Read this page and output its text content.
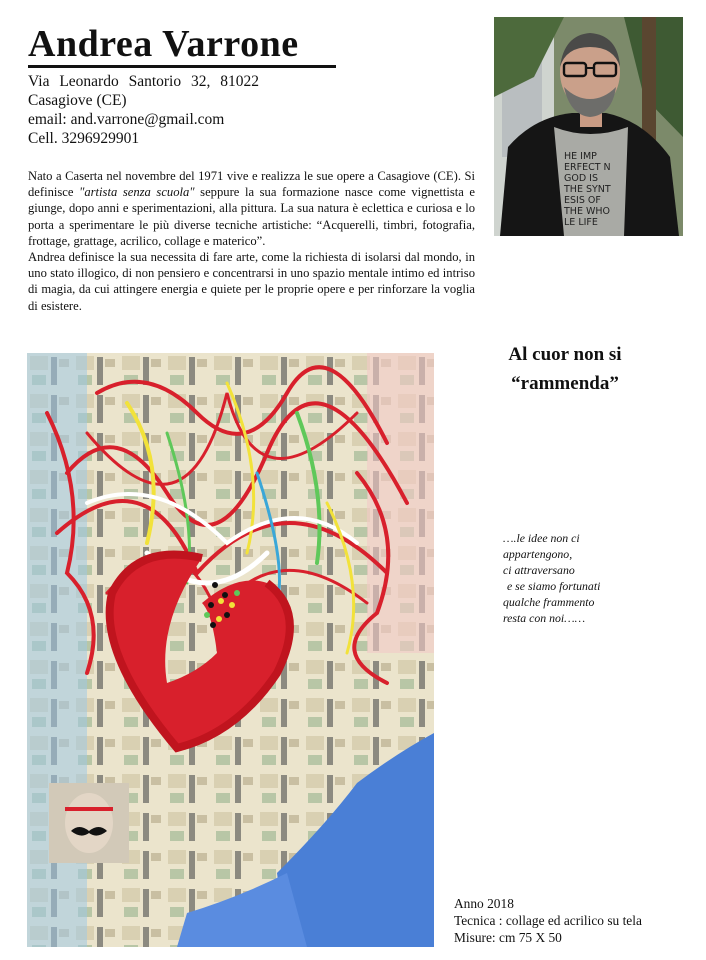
Andrea Varrone
Via Leonardo Santorio 32, 81022
Casagiove (CE)
email: and.varrone@gmail.com
Cell. 3296929901
HE IMP
ERFECT N
GOD IS
THE SYNT
ESIS OF
THE WHO
LE LIFE

Nato a Caserta nel novembre del 1971 vive e realizza le sue opere a Casagiove (CE). Si definisce "artista senza scuola" seppure la sua formazione nasce come vignettista e giunge, dopo anni e sperimentazioni, alla pittura. La sua natura è eclettica e curiosa e lo porta a sperimentare le più diverse tecniche artistiche: “Acquerelli, timbri, fotografia, frottage, grattage, acrilico, collage e materico”.

Andrea definisce la sua necessita di fare arte, come la richiesta di isolarsi dal mondo, in uno stato illogico, di non pensiero e concentrarsi in uno spazio mentale intimo ed intriso di magia, da cui attingere energia e quiete per le proprie opere e per rinforzare la voglia di esistere.

Al cuor non si
“rammenda”
….le idee non ci
appartengono,
ci attraversano
e se siamo fortunati
qualche frammento
resta con noi……
Anno 2018
Tecnica : collage ed acrilico su tela
Misure: cm 75 X 50
